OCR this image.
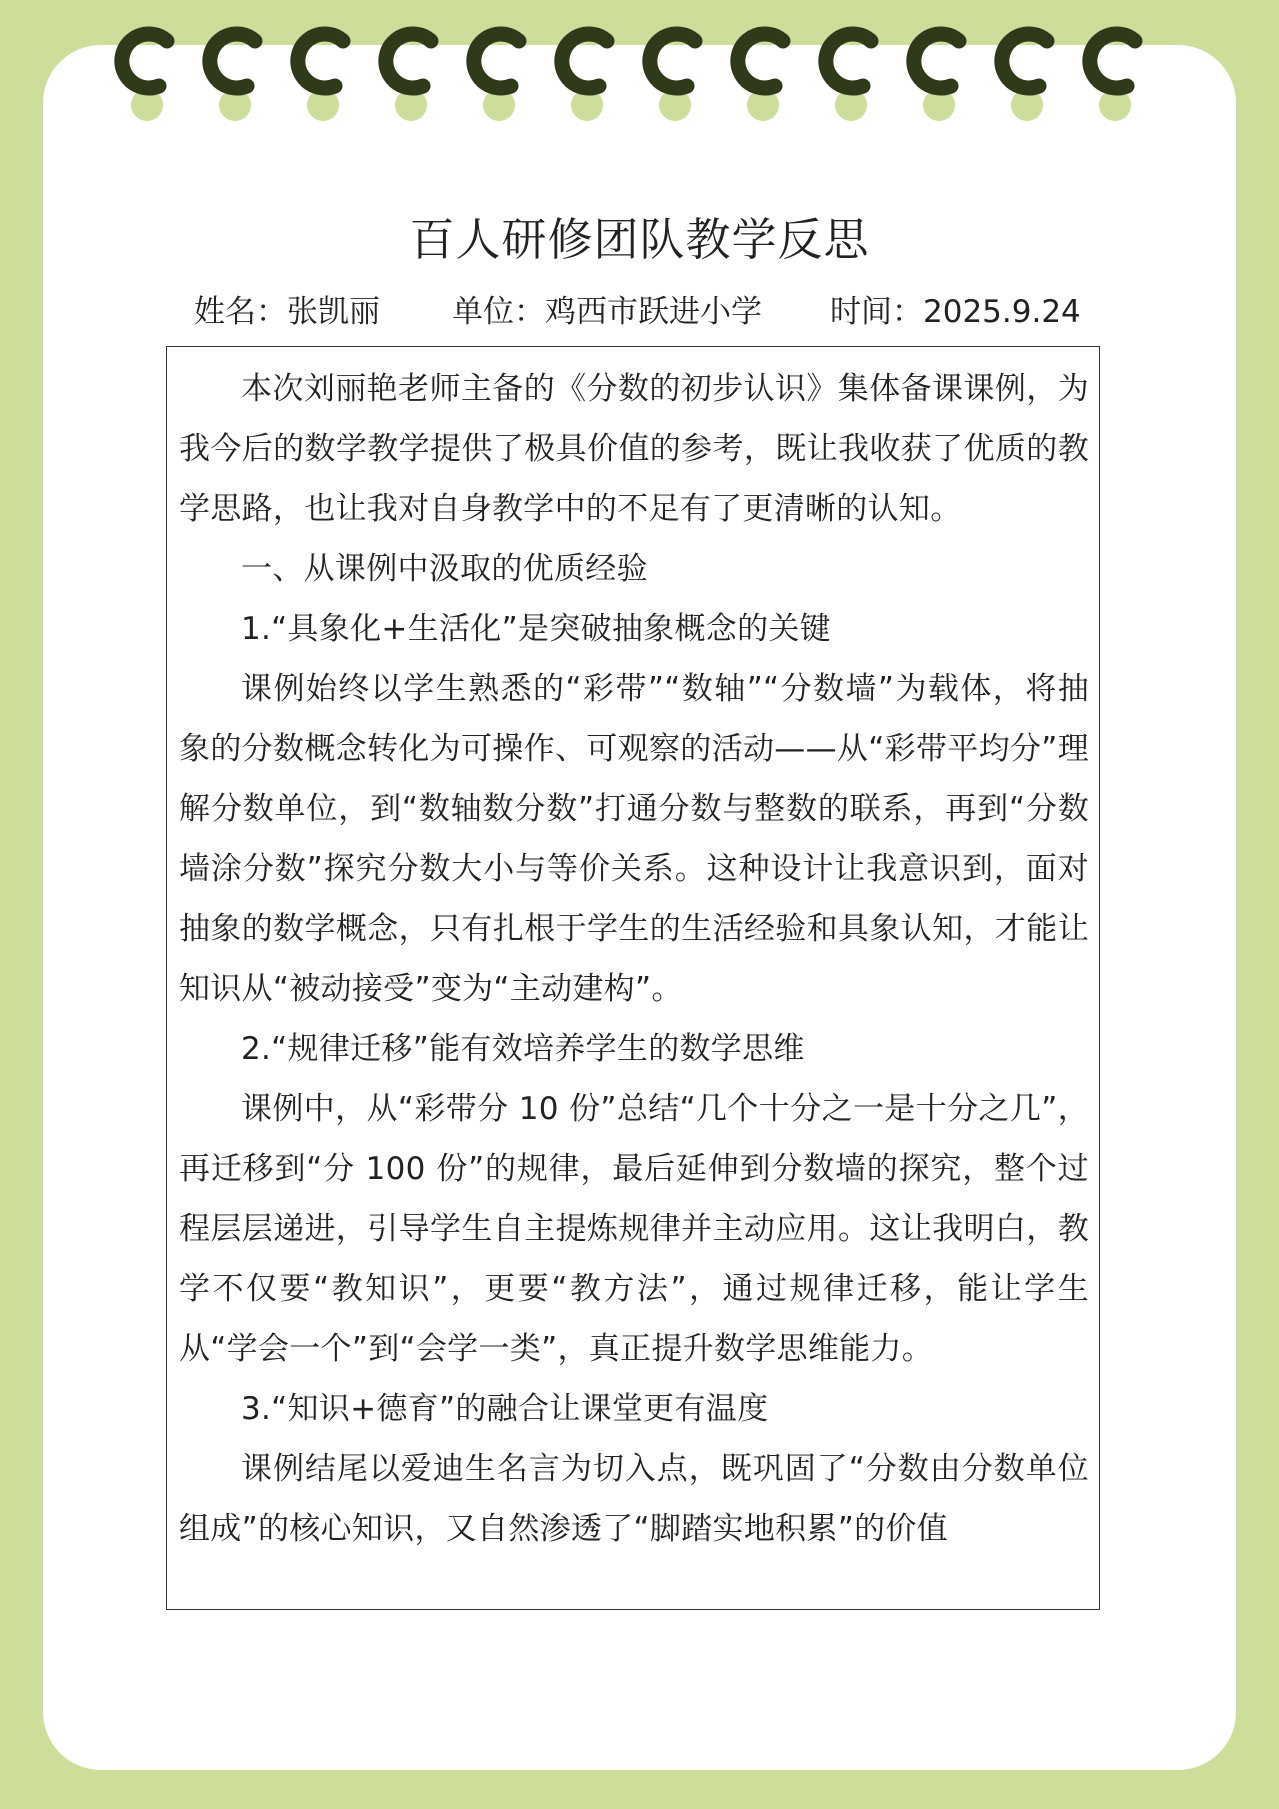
百人研修团队教学反思
姓名：张凯丽 单位：鸡西市跃进小学 时间：2025.9.24

本次刘丽艳老师主备的《分数的初步认识》集体备课课例，为我今后的数学教学提供了极具价值的参考，既让我收获了优质的教学思路，也让我对自身教学中的不足有了更清晰的认知。

一、从课例中汲取的优质经验

1.“具象化+生活化”是突破抽象概念的关键

课例始终以学生熟悉的“彩带”“数轴”“分数墙”为载体，将抽象的分数概念转化为可操作、可观察的活动——从“彩带平均分”理解分数单位，到“数轴数分数”打通分数与整数的联系，再到“分数墙涂分数”探究分数大小与等价关系。这种设计让我意识到，面对抽象的数学概念，只有扎根于学生的生活经验和具象认知，才能让知识从“被动接受”变为“主动建构”。

2.“规律迁移”能有效培养学生的数学思维

课例中，从“彩带分 10 份”总结“几个十分之一是十分之几”，再迁移到“分 100 份”的规律，最后延伸到分数墙的探究，整个过程层层递进，引导学生自主提炼规律并主动应用。这让我明白，教学不仅要“教知识”，更要“教方法”，通过规律迁移，能让学生从“学会一个”到“会学一类”，真正提升数学思维能力。

3.“知识+德育”的融合让课堂更有温度

课例结尾以爱迪生名言为切入点，既巩固了“分数由分数单位组成”的核心知识，又自然渗透了“脚踏实地积累”的价值
